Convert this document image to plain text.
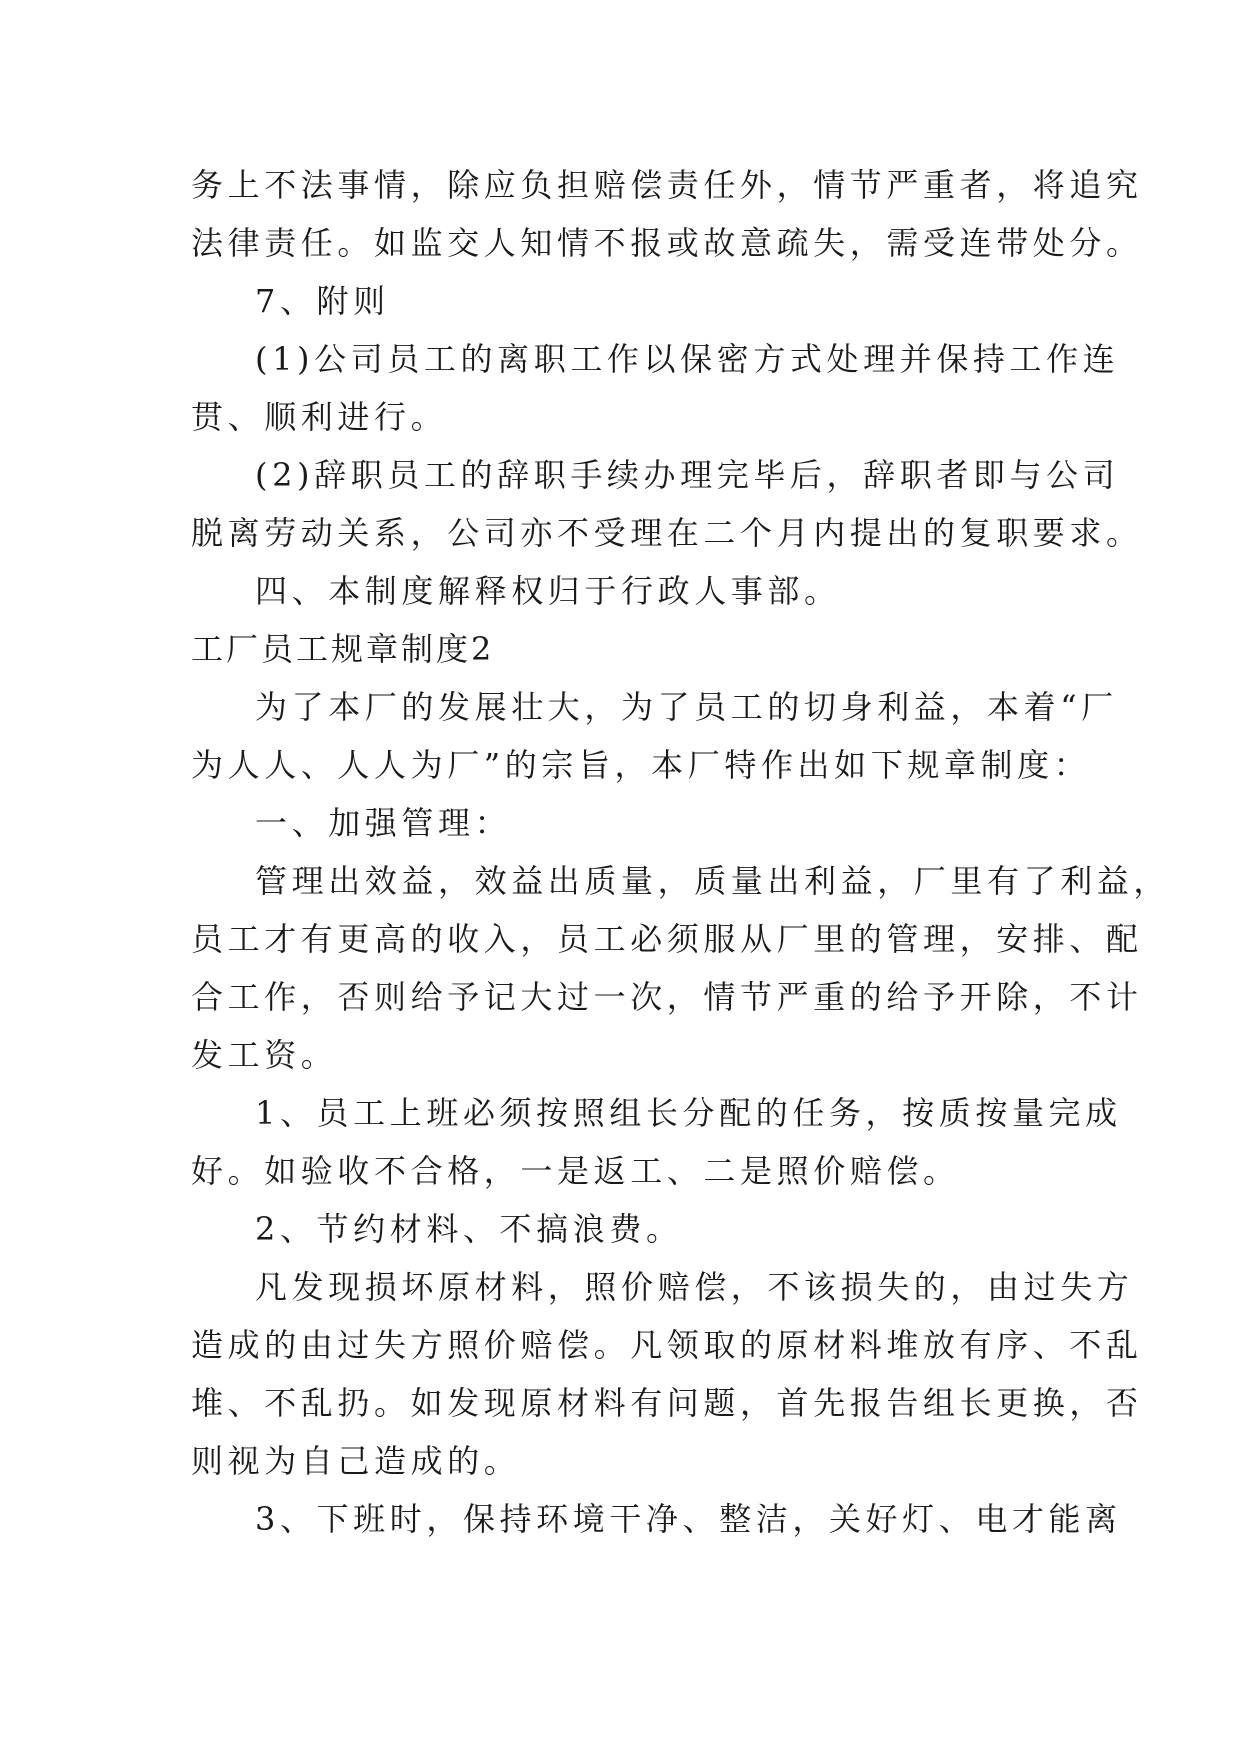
务上不法事情，除应负担赔偿责任外，情节严重者，将追究
法律责任。如监交人知情不报或故意疏失，需受连带处分。
7、附则
(1)公司员工的离职工作以保密方式处理并保持工作连
贯、顺利进行。
(2)辞职员工的辞职手续办理完毕后，辞职者即与公司
脱离劳动关系，公司亦不受理在二个月内提出的复职要求。
四、本制度解释权归于行政人事部。
工厂员工规章制度2
为了本厂的发展壮大，为了员工的切身利益，本着“厂
为人人、人人为厂”的宗旨，本厂特作出如下规章制度：
一、加强管理：
管理出效益，效益出质量，质量出利益，厂里有了利益，
员工才有更高的收入，员工必须服从厂里的管理，安排、配
合工作，否则给予记大过一次，情节严重的给予开除，不计
发工资。
1、员工上班必须按照组长分配的任务，按质按量完成
好。如验收不合格，一是返工、二是照价赔偿。
2、节约材料、不搞浪费。
凡发现损坏原材料，照价赔偿，不该损失的，由过失方
造成的由过失方照价赔偿。凡领取的原材料堆放有序、不乱
堆、不乱扔。如发现原材料有问题，首先报告组长更换，否
则视为自己造成的。
3、下班时，保持环境干净、整洁，关好灯、电才能离
